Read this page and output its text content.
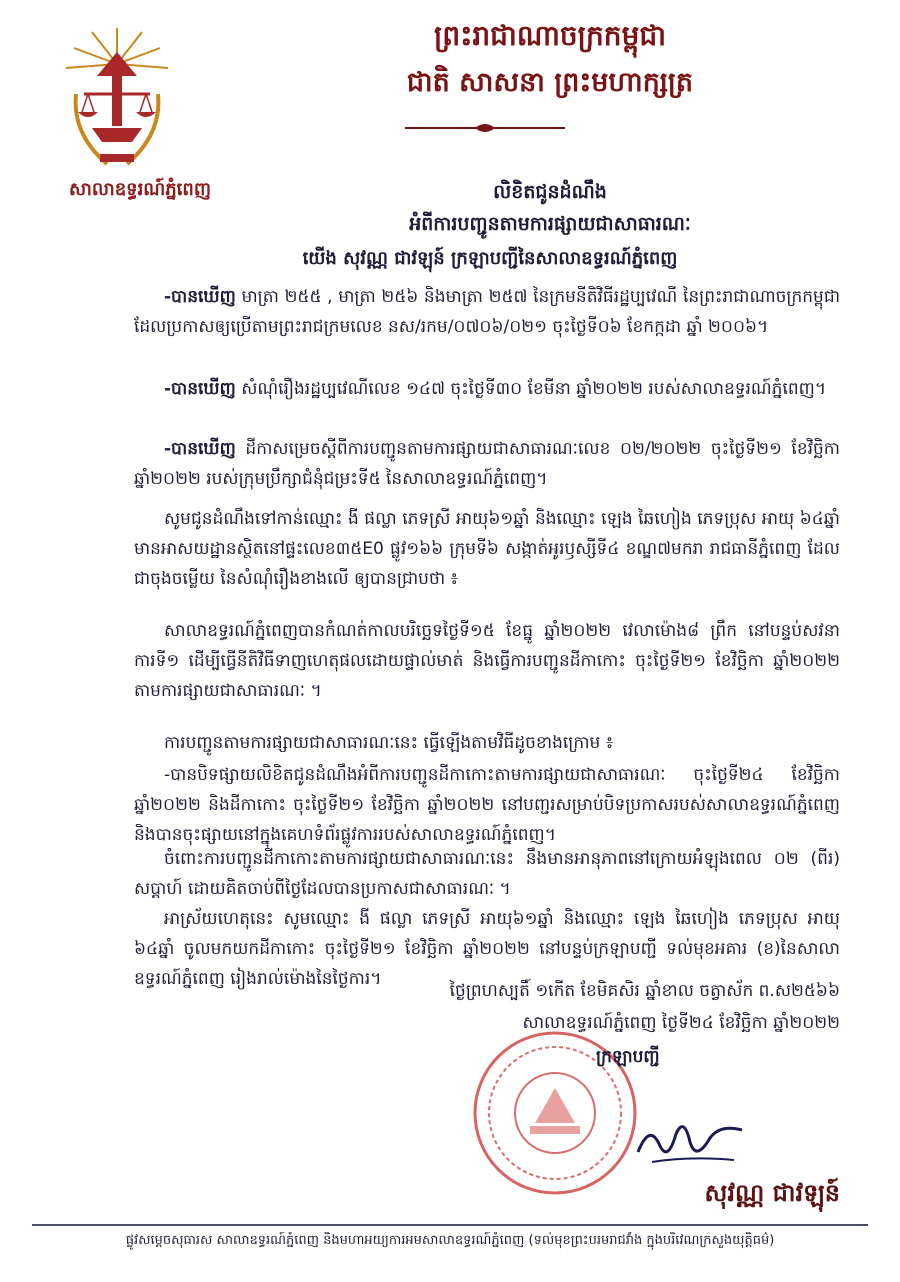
សាលាឧទ្ធរណ៍ភ្នំពេញ
ព្រះរាជាណាចក្រកម្ពុជា
ជាតិ សាសនា ព្រះមហាក្សត្រ
លិខិតជូនដំណឹង
អំពីការបញ្ជូនតាមការផ្សាយជាសាធារណៈ
យើង សុវណ្ណ ជាវឡុន៍ ក្រឡាបញ្ជីនៃសាលាឧទ្ធរណ៍ភ្នំពេញ
-បានឃើញ មាត្រា ២៥៥ , មាត្រា ២៥៦ និងមាត្រា ២៥៧ នៃក្រមនីតិវិធីរដ្ឋប្បវេណី នៃព្រះរាជាណាចក្រកម្ពុជា ដែលប្រកាសឲ្យប្រើតាមព្រះរាជក្រមលេខ នស/រកម/០៧០៦/០២១ ចុះថ្ងៃទី០៦ ខែកក្កដា ឆ្នាំ ២០០៦។
-បានឃើញ សំណុំរឿងរដ្ឋប្បវេណីលេខ ១៤៧ ចុះថ្ងៃទី៣០ ខែមីនា ឆ្នាំ២០២២ របស់សាលាឧទ្ធរណ៍ភ្នំពេញ។
-បានឃើញ ដីកាសម្រេចស្ដីពីការបញ្ជូនតាមការផ្សាយជាសាធារណៈលេខ ០២/២០២២ ចុះថ្ងៃទី២១ ខែវិច្ឆិកា ឆ្នាំ២០២២ របស់ក្រុមប្រឹក្សាជំនុំជម្រះទី៥ នៃសាលាឧទ្ធរណ៍ភ្នំពេញ។
សូមជូនដំណឹងទៅកាន់ឈ្មោះ ងី ផល្លា ភេទស្រី អាយុ៦១ឆ្នាំ និងឈ្មោះ ឡេង ឆៃហៀង ភេទប្រុស អាយុ ៦៤ឆ្នាំ មានអាសយដ្ឋានស្ថិតនៅផ្ទះលេខ៣៥E0 ផ្លូវ១៦៦ ក្រុមទី៦ សង្កាត់អូរឫស្សីទី៤ ខណ្ឌ៧មករា រាជធានីភ្នំពេញ ដែលជាចុងចម្លើយ នៃសំណុំរឿងខាងលើ ឲ្យបានជ្រាបថា ៖
សាលាឧទ្ធរណ៍ភ្នំពេញបានកំណត់កាលបរិច្ឆេទថ្ងៃទី១៥ ខែធ្នូ ឆ្នាំ២០២២ វេលាម៉ោង៨ ព្រឹក នៅបន្ទប់សវនាការទី១ ដើម្បីធ្វើនីតិវិធីទាញហេតុផលដោយផ្ទាល់មាត់ និងធ្វើការបញ្ជូនដីកាកោះ ចុះថ្ងៃទី២១ ខែវិច្ឆិកា ឆ្នាំ២០២២ តាមការផ្សាយជាសាធារណៈ ។
ការបញ្ជូនតាមការផ្សាយជាសាធារណៈនេះ ធ្វើឡើងតាមវិធីដូចខាងក្រោម ៖
-បានបិទផ្សាយលិខិតជូនដំណឹងអំពីការបញ្ជូនដីកាកោះតាមការផ្សាយជាសាធារណៈ ចុះថ្ងៃទី២៤ ខែវិច្ឆិកា ឆ្នាំ២០២២ និងដីកាកោះ ចុះថ្ងៃទី២១ ខែវិច្ឆិកា ឆ្នាំ២០២២ នៅបញ្ជរសម្រាប់បិទប្រកាសរបស់សាលាឧទ្ធរណ៍ភ្នំពេញ និងបានចុះផ្សាយនៅក្នុងគេហទំព័រផ្លូវការរបស់សាលាឧទ្ធរណ៍ភ្នំពេញ។
ចំពោះការបញ្ជូនដីកាកោះតាមការផ្សាយជាសាធារណៈនេះ នឹងមានអានុភាពនៅក្រោយអំឡុងពេល ០២ (ពីរ) សប្ដាហ៍ ដោយគិតចាប់ពីថ្ងៃដែលបានប្រកាសជាសាធារណៈ ។
អាស្រ័យហេតុនេះ សូមឈ្មោះ ងី ផល្លា ភេទស្រី អាយុ៦១ឆ្នាំ និងឈ្មោះ ឡេង ឆៃហៀង ភេទប្រុស អាយុ ៦៤ឆ្នាំ ចូលមកយកដីកាកោះ ចុះថ្ងៃទី២១ ខែវិច្ឆិកា ឆ្នាំ២០២២ នៅបន្ទប់ក្រឡាបញ្ជី ទល់មុខអគារ (ខ)នៃសាលាឧទ្ធរណ៍ភ្នំពេញ រៀងរាល់ម៉ោងនៃថ្ងៃការ។
ថ្ងៃព្រហស្បតិ៍ ១កើត ខែមិគសិរ ឆ្នាំខាល ចត្វាស័ក ព.ស២៥៦៦
សាលាឧទ្ធរណ៍ភ្នំពេញ ថ្ងៃទី២៤ ខែវិច្ឆិកា ឆ្នាំ២០២២
ក្រឡាបញ្ជី
សុវណ្ណ ជាវឡុន៍
ផ្លូវសម្ដេចសុធារស សាលាឧទ្ធរណ៍ភ្នំពេញ និងមហាអយ្យការអមសាលាឧទ្ធរណ៍ភ្នំពេញ (ទល់មុខព្រះបរមរាជវាំង ក្នុងបរិវេណក្រសួងយុត្តិធម៌)
